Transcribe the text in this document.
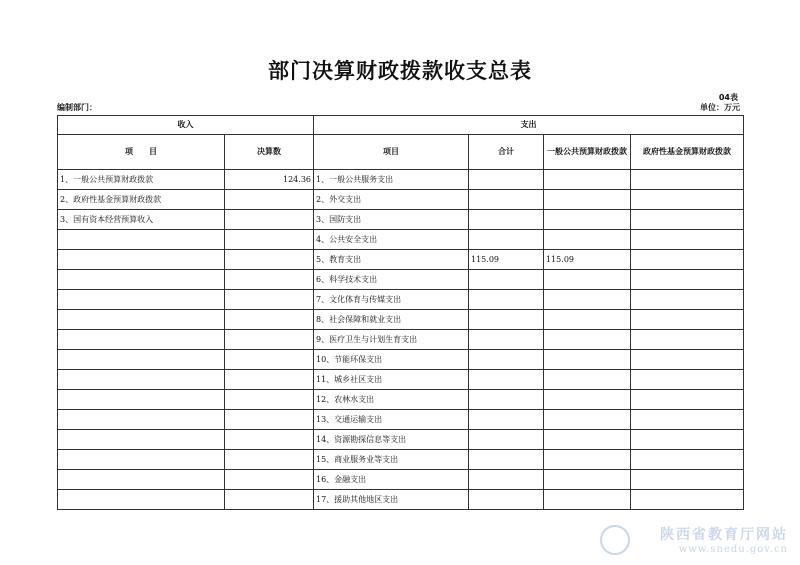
部门决算财政拨款收支总表
04表
编制部门：	单位：万元
收入		支出			
项　　目	决算数	项目	合计	一般公共预算财政拨款	政府性基金预算财政拨款
1、一般公共预算财政拨款	124.36	1、一般公共服务支出			
2、政府性基金预算财政拨款		2、外交支出			
3、国有资本经营预算收入		3、国防支出			
		4、公共安全支出			
		5、教育支出	115.09	115.09	
		6、科学技术支出			
		7、文化体育与传媒支出			
		8、社会保障和就业支出			
		9、医疗卫生与计划生育支出			
		10、节能环保支出			
		11、城乡社区支出			
		12、农林水支出			
		13、交通运输支出			
		14、资源勘探信息等支出			
		15、商业服务业等支出			
		16、金融支出			
		17、援助其他地区支出			
陕西省教育厅网站
www.snedu.gov.cn
